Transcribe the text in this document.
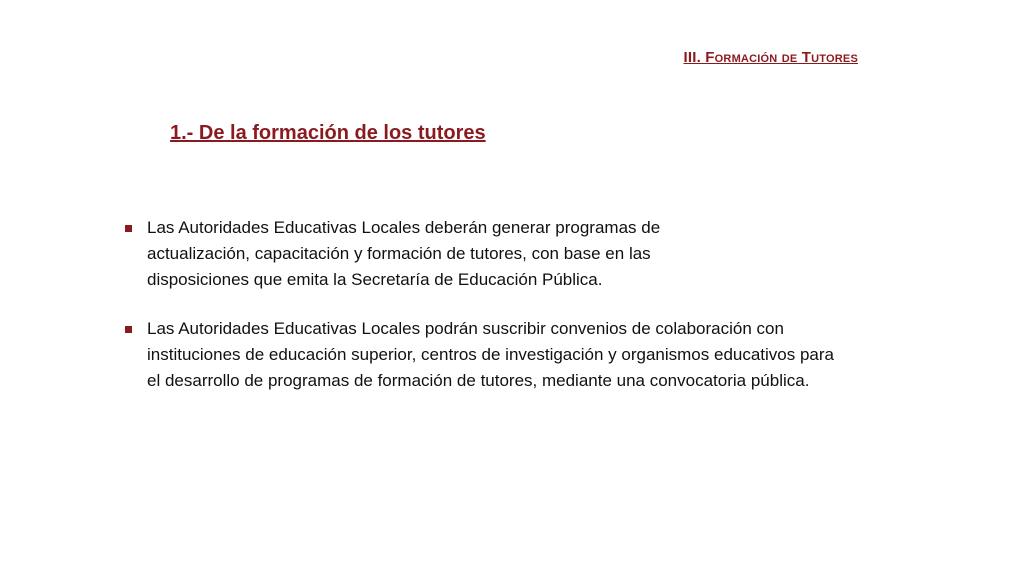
III. Formación de Tutores
1.- De la formación de los tutores
Las Autoridades Educativas Locales deberán generar programas de actualización, capacitación y formación de tutores, con base en las disposiciones que emita la Secretaría de Educación Pública.
Las Autoridades Educativas Locales podrán suscribir convenios de colaboración con instituciones de educación superior, centros de investigación y organismos educativos para el desarrollo de programas de formación de tutores, mediante una convocatoria pública.
